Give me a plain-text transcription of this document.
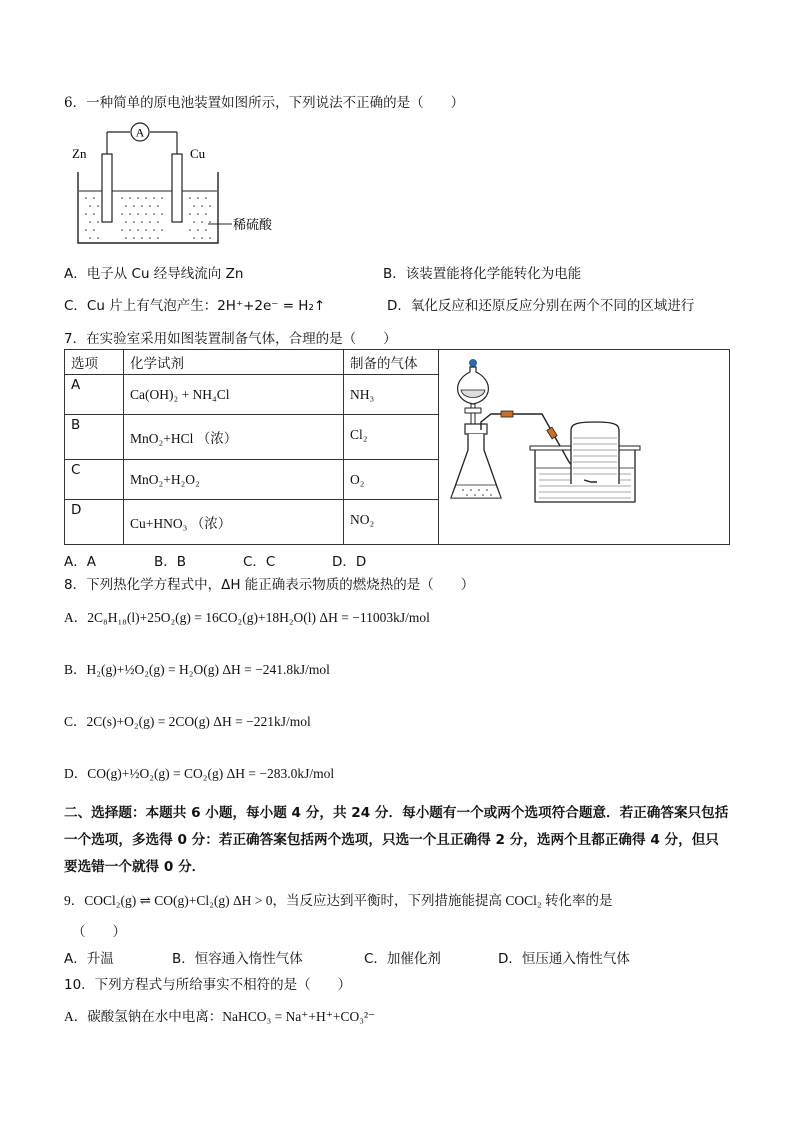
6．一种简单的原电池装置如图所示，下列说法不正确的是（　　）
A
Zn	Cu
稀硫酸
A．电子从 Cu 经导线流向 Zn	B．该装置能将化学能转化为电能
C．Cu 片上有气泡产生：2H⁺+2e⁻ = H₂↑	D．氧化反应和还原反应分别在两个不同的区域进行
7．在实验室采用如图装置制备气体，合理的是（　　）
选项	化学试剂	制备的气体	
A	Ca(OH)₂ + NH₄Cl	NH₃	

B	MnO₂+HCl （浓）	Cl₂	

C	MnO₂+H₂O₂	O₂	

D	Cu+HNO₃ （浓）	NO₂	
A．A	B．B	C．C	D．D
8．下列热化学方程式中，ΔH 能正确表示物质的燃烧热的是（　　）
A．2C₈H₁₈(l)+25O₂(g) = 16CO₂(g)+18H₂O(l) ΔH = −11003kJ/mol
B．H₂(g)+½O₂(g) = H₂O(g) ΔH = −241.8kJ/mol
C．2C(s)+O₂(g) = 2CO(g) ΔH = −221kJ/mol
D．CO(g)+½O₂(g) = CO₂(g) ΔH = −283.0kJ/mol
二、选择题：本题共 6 小题，每小题 4 分，共 24 分．每小题有一个或两个选项符合题意．若正确答案只包括一个选项，多选得 0 分：若正确答案包括两个选项，只选一个且正确得 2 分，选两个且都正确得 4 分，但只要选错一个就得 0 分．
9．COCl₂(g) ⇌ CO(g)+Cl₂(g) ΔH > 0，当反应达到平衡时，下列措施能提高 COCl₂ 转化率的是
（　　）
A．升温	B．恒容通入惰性气体	C．加催化剂	D．恒压通入惰性气体
10．下列方程式与所给事实不相符的是（　　）
A．碳酸氢钠在水中电离：NaHCO₃ = Na⁺+H⁺+CO₃²⁻
